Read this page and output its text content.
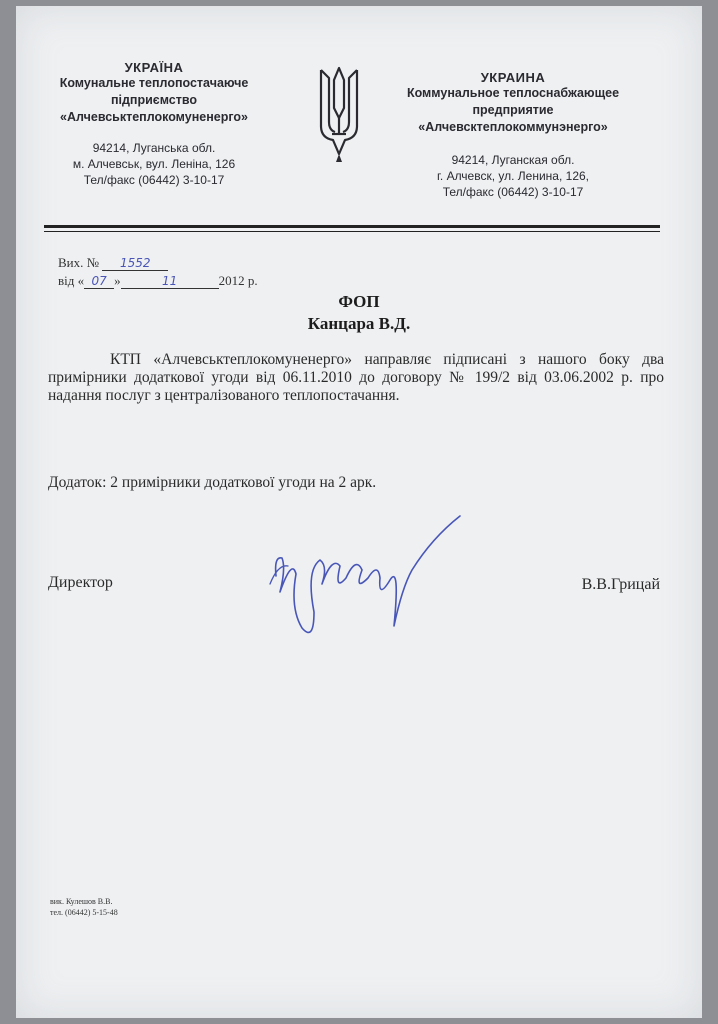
УКРАЇНА
Комунальне теплопостачаюче
підприємство
«Алчевськтеплокомуненерго»
94214, Луганська обл.
м. Алчевськ, вул. Леніна, 126
Тел/факс (06442) 3-10-17
УКРАИНА
Коммунальное теплоснабжающее
предприятие
«Алчевсктеплокоммунэнерго»
94214, Луганская обл.
г. Алчевск, ул. Ленина, 126,
Тел/факс (06442) 3-10-17
Вих. № 1552
від « 07 »	11	2012 р.
ФОП
Канцара В.Д.
КТП «Алчевськтеплокомуненерго» направляє підписані з нашого боку два примірники додаткової угоди від 06.11.2010 до договору № 199/2 від 03.06.2002 р. про надання послуг з централізованого теплопостачання.
Додаток: 2 примірники додаткової угоди на 2 арк.
Директор	В.В.Грицай
вик. Кулешов В.В.
тел. (06442) 5-15-48
